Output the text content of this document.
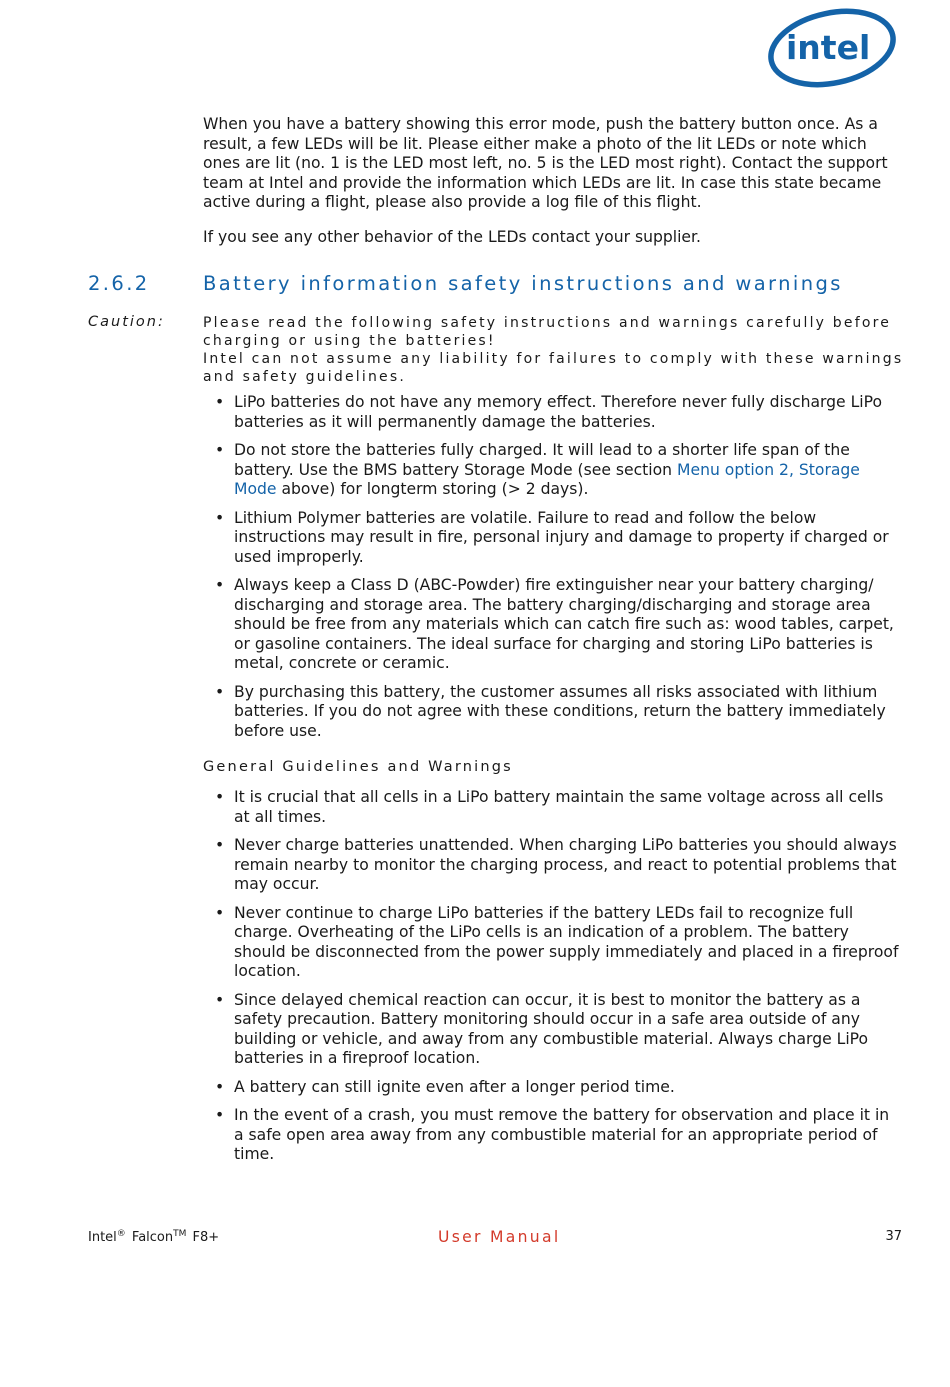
intel

When you have a battery showing this error mode, push the battery button once. As a result, a few LEDs will be lit. Please either make a photo of the lit LEDs or note which ones are lit (no. 1 is the LED most left, no. 5 is the LED most right). Contact the support team at Intel and provide the information which LEDs are lit. In case this state became active during a flight, please also provide a log file of this flight.

If you see any other behavior of the LEDs contact your supplier.

2.6.2	Battery information safety instructions and warnings
Caution:	Please read the following safety instructions and warnings carefully before
charging or using the batteries!
Intel can not assume any liability for failures to comply with these warnings
and safety guidelines.
• LiPo batteries do not have any memory effect. Therefore never fully discharge LiPo batteries as it will permanently damage the batteries.
• Do not store the batteries fully charged. It will lead to a shorter life span of the battery. Use the BMS battery Storage Mode (see section Menu option 2, Storage Mode above) for longterm storing (> 2 days).
• Lithium Polymer batteries are volatile. Failure to read and follow the below instructions may result in fire, personal injury and damage to property if charged or used improperly.
• Always keep a Class D (ABC-Powder) fire extinguisher near your battery charging/ discharging and storage area. The battery charging/discharging and storage area should be free from any materials which can catch fire such as: wood tables, carpet, or gasoline containers. The ideal surface for charging and storing LiPo batteries is metal, concrete or ceramic.
• By purchasing this battery, the customer assumes all risks associated with lithium batteries. If you do not agree with these conditions, return the battery immediately before use.
General Guidelines and Warnings
• It is crucial that all cells in a LiPo battery maintain the same voltage across all cells at all times.
• Never charge batteries unattended. When charging LiPo batteries you should always remain nearby to monitor the charging process, and react to potential problems that may occur.
• Never continue to charge LiPo batteries if the battery LEDs fail to recognize full charge. Overheating of the LiPo cells is an indication of a problem. The battery should be disconnected from the power supply immediately and placed in a fireproof location.
• Since delayed chemical reaction can occur, it is best to monitor the battery as a safety precaution. Battery monitoring should occur in a safe area outside of any building or vehicle, and away from any combustible material. Always charge LiPo batteries in a fireproof location.
• A battery can still ignite even after a longer period time.
• In the event of a crash, you must remove the battery for observation and place it in a safe open area away from any combustible material for an appropriate period of time.
Intel® Falcon™ F8+	User Manual	37
